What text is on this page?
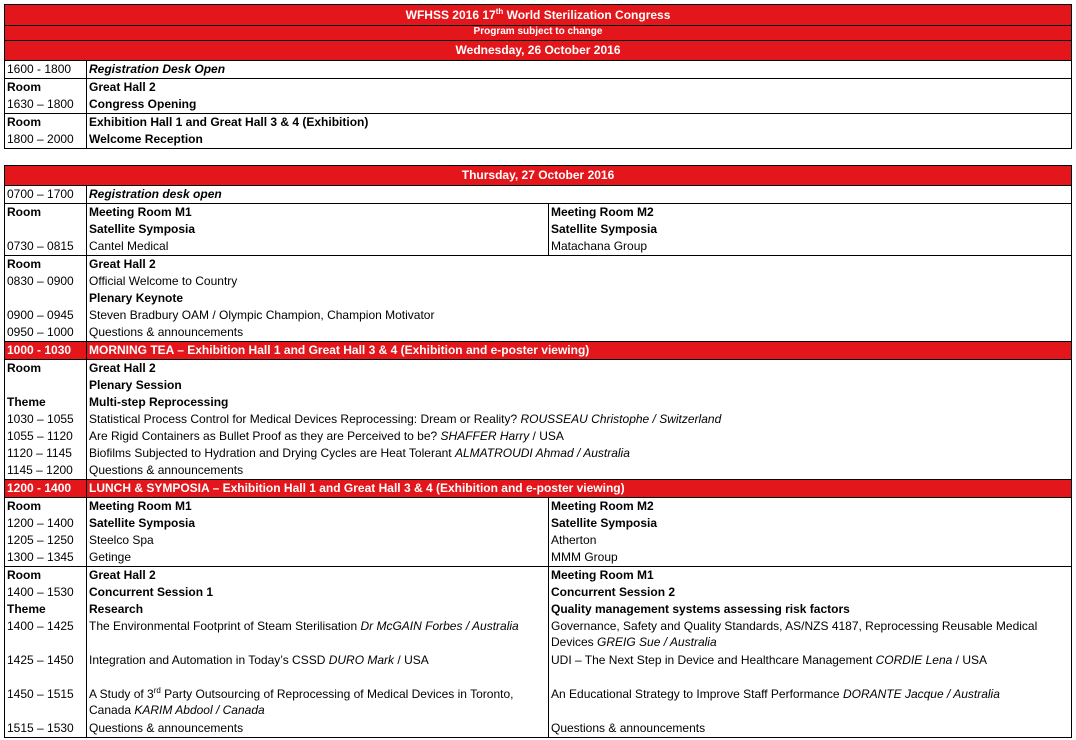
WFHSS 2016 17th World Sterilization Congress	
Program subject to change	
Wednesday, 26 October 2016	
1600 - 1800	Registration Desk Open
Room	Great Hall 2
1630 – 1800	Congress Opening
Room	Exhibition Hall 1 and Great Hall 3 & 4 (Exhibition)
1800 – 2000	Welcome Reception
Thursday, 27 October 2016		
0700 – 1700	Registration desk open	
Room	Meeting Room M1	Meeting Room M2
	Satellite Symposia	Satellite Symposia
0730 – 0815	Cantel Medical	Matachana Group
Room	Great Hall 2	
0830 – 0900	Official Welcome to Country	
	Plenary Keynote	
0900 – 0945	Steven Bradbury OAM / Olympic Champion, Champion Motivator	
0950 – 1000	Questions & announcements	
1000 - 1030	MORNING TEA – Exhibition Hall 1 and Great Hall 3 & 4 (Exhibition and e-poster viewing)	
Room	Great Hall 2	
	Plenary Session	
Theme	Multi-step Reprocessing	
1030 – 1055	Statistical Process Control for Medical Devices Reprocessing: Dream or Reality? ROUSSEAU Christophe / Switzerland	
1055 – 1120	Are Rigid Containers as Bullet Proof as they are Perceived to be? SHAFFER Harry / USA	
1120 – 1145	Biofilms Subjected to Hydration and Drying Cycles are Heat Tolerant ALMATROUDI Ahmad / Australia	
1145 – 1200	Questions & announcements	
1200 - 1400	LUNCH & SYMPOSIA – Exhibition Hall 1 and Great Hall 3 & 4 (Exhibition and e-poster viewing)	
Room	Meeting Room M1	Meeting Room M2
1200 – 1400	Satellite Symposia	Satellite Symposia
1205 – 1250	Steelco Spa	Atherton
1300 – 1345	Getinge	MMM Group
Room	Great Hall 2	Meeting Room M1
1400 – 1530	Concurrent Session 1	Concurrent Session 2
Theme	Research	Quality management systems assessing risk factors
1400 – 1425	The Environmental Footprint of Steam Sterilisation Dr McGAIN Forbes / Australia	Governance, Safety and Quality Standards, AS/NZS 4187, Reprocessing Reusable Medical Devices GREIG Sue / Australia
1425 – 1450	Integration and Automation in Today’s CSSD DURO Mark / USA	UDI – The Next Step in Device and Healthcare Management CORDIE Lena / USA
1450 – 1515	A Study of 3rd Party Outsourcing of Reprocessing of Medical Devices in Toronto, Canada KARIM Abdool / Canada	An Educational Strategy to Improve Staff Performance DORANTE Jacque / Australia
1515 – 1530	Questions & announcements	Questions & announcements
